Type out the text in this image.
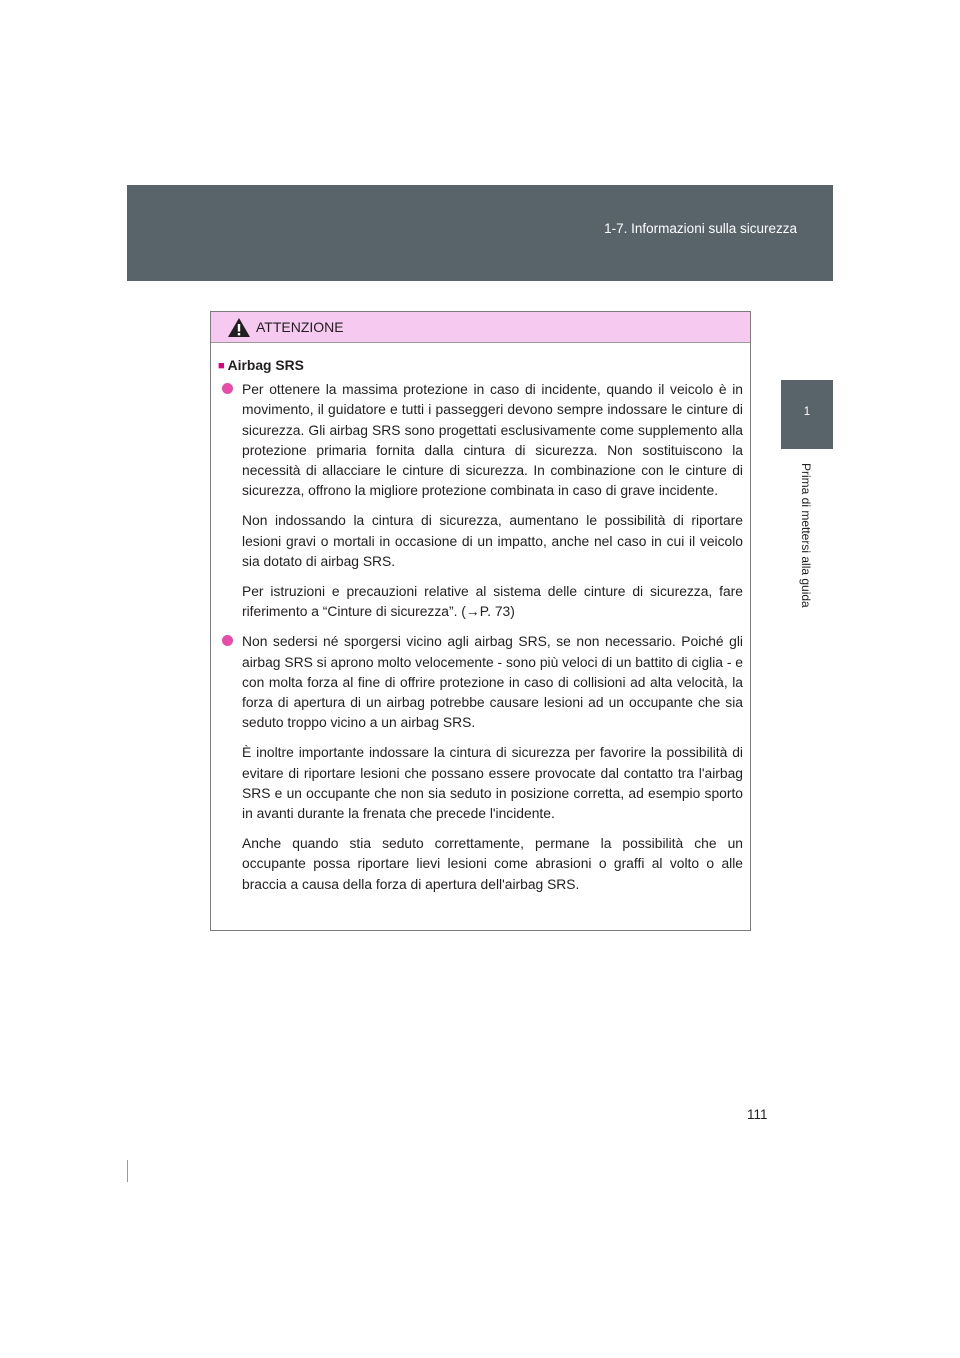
1-7. Informazioni sulla sicurezza
1
Prima di mettersi alla guida
ATTENZIONE

■ Airbag SRS

Per ottenere la massima protezione in caso di incidente, quando il veicolo è in movimento, il guidatore e tutti i passeggeri devono sempre indossare le cinture di sicurezza. Gli airbag SRS sono progettati esclusivamente come supplemento alla protezione primaria fornita dalla cintura di sicurezza. Non sostituiscono la necessità di allacciare le cinture di sicurezza. In combinazione con le cinture di sicurezza, offrono la migliore protezione combinata in caso di grave incidente.

Non indossando la cintura di sicurezza, aumentano le possibilità di riportare lesioni gravi o mortali in occasione di un impatto, anche nel caso in cui il veicolo sia dotato di airbag SRS.

Per istruzioni e precauzioni relative al sistema delle cinture di sicurezza, fare riferimento a “Cinture di sicurezza”. (→P. 73)

Non sedersi né sporgersi vicino agli airbag SRS, se non necessario. Poiché gli airbag SRS si aprono molto velocemente - sono più veloci di un battito di ciglia - e con molta forza al fine di offrire protezione in caso di collisioni ad alta velocità, la forza di apertura di un airbag potrebbe causare lesioni ad un occupante che sia seduto troppo vicino a un airbag SRS.

È inoltre importante indossare la cintura di sicurezza per favorire la possibilità di evitare di riportare lesioni che possano essere provocate dal contatto tra l'airbag SRS e un occupante che non sia seduto in posizione corretta, ad esempio sporto in avanti durante la frenata che precede l'incidente.

Anche quando stia seduto correttamente, permane la possibilità che un occupante possa riportare lievi lesioni come abrasioni o graffi al volto o alle braccia a causa della forza di apertura dell'airbag SRS.

111
